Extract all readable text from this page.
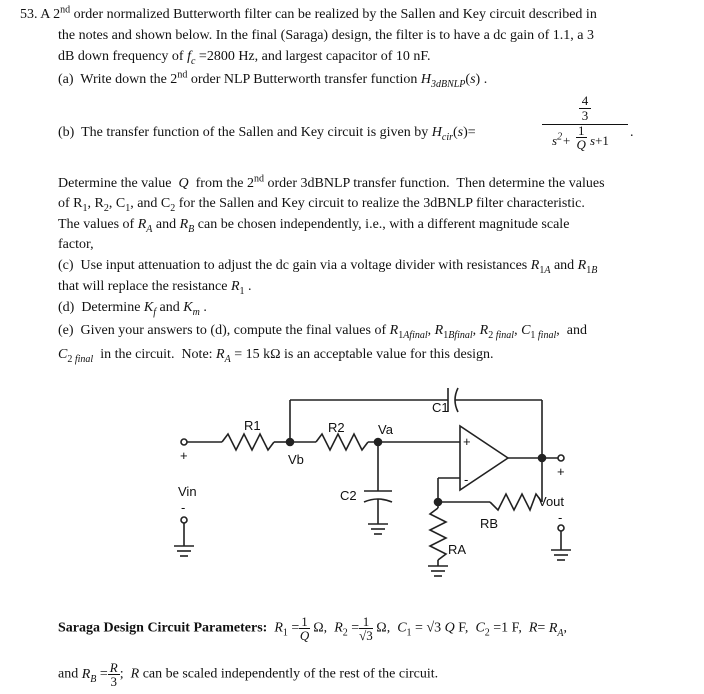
53. A 2nd order normalized Butterworth filter can be realized by the Sallen and Key circuit described in
the notes and shown below. In the final (Saraga) design, the filter is to have a dc gain of 1.1, a 3
dB down frequency of $f_c =2800$ Hz, and largest capacitor of 10 nF.
(a)  Write down the 2nd order NLP Butterworth transfer function $H_{3dBNLP}(s)$ .
(b)  The transfer function of the Sallen and Key circuit is given by $H_{cir}(s)=$
4
3
$s^2+$
1
Q s+1
.
Determine the value  Q  from the 2nd order 3dBNLP transfer function.  Then determine the values
of $R_1$, $R_2$, $C_1$, and $C_2$ for the Sallen and Key circuit to realize the 3dBNLP filter characteristic.
The values of $R_A$ and $R_B$ can be chosen independently, i.e., with a different magnitude scale
factor,
(c)  Use input attenuation to adjust the dc gain via a voltage divider with resistances $R_{1A}$ and $R_{1B}$
that will replace the resistance $R_1$ .
(d)  Determine $K_f$ and $K_m$ .
(e)  Given your answers to (d), compute the final values of $R_{1Afinal}$, $R_{1Bfinal}$, $R_{2 final}$, $C_{1 final}$,  and
$C_{2 final}$  in the circuit.  Note: $R_A = 15$ kΩ is an acceptable value for this design.
C1
R1	R2	Va
Vb
Vin	C2
RB
RA
Vout
+
-
+
-
+
-
Saraga Design Circuit Parameters: $R_1 = \frac{1}{Q} \Omega$,  $R_2 = \frac{1}{√3} \Omega$,  $C_1 = √3$ Q F,  $C_2 =1$ F,  $R= R_A$,
and $R_B = \frac{R}{3}$ ;  R can be scaled independently of the rest of the circuit.
